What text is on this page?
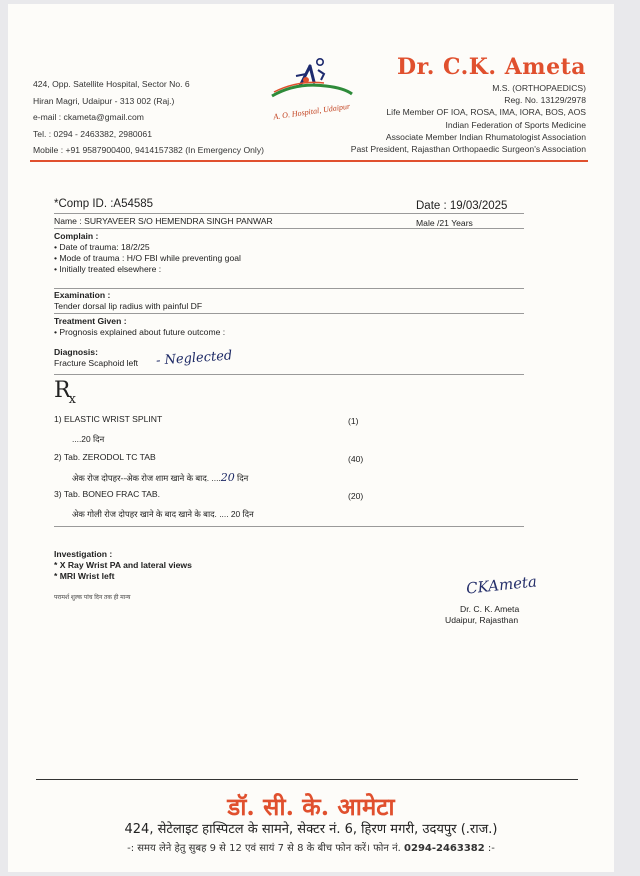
424, Opp. Satellite Hospital, Sector No. 6
Hiran Magri, Udaipur - 313 002 (Raj.)
e-mail : ckameta@gmail.com
Tel. : 0294 - 2463382, 2980061
Mobile : +91 9587900400, 9414157382 (In Emergency Only)
A. O. Hospital, Udaipur
Dr. C.K. Ameta
M.S. (ORTHOPAEDICS)
Reg. No. 13129/2978
Life Member OF IOA, ROSA, IMA, IORA, BOS, AOS
Indian Federation of Sports Medicine
Associate Member Indian Rhumatologist Association
Past President, Rajasthan Orthopaedic Surgeon's Association
*Comp ID. :A54585	Date : 19/03/2025
Name : SURYAVEER S/O HEMENDRA SINGH PANWAR	Male /21 Years
Complain :
• Date of trauma: 18/2/25
• Mode of trauma : H/O FBI while preventing goal
• Initially treated elsewhere :
Examination :
Tender dorsal lip radius with painful DF
Treatment Given :
• Prognosis explained about future outcome :
Diagnosis:
Fracture Scaphoid left - Neglected
$R_x$
1) ELASTIC WRIST SPLINT	(1)
....20 दिन
2) Tab. ZERODOL TC TAB	(40)
अेक रोज दोपहर--अेक रोज शाम खाने के बाद. ....20 दिन
3) Tab. BONEO FRAC TAB.	(20)
अेक गोली रोज दोपहर खाने के बाद खाने के बाद. .... 20 दिन
Investigation :
* X Ray Wrist PA and lateral views
* MRI Wrist left
परामर्श शुल्क पांच दिन तक ही मान्य
CKAmeta
Dr. C. K. Ameta
Udaipur, Rajasthan
डॉ. सी. के. आमेटा
424, सेटेलाइट हास्पिटल के सामने, सेक्टर नं. 6, हिरण मगरी, उदयपुर (.राज.)
-: समय लेने हेतु सुबह 9 से 12 एवं सायं 7 से 8 के बीच फोन करें। फोन नं. 0294-2463382 :-
